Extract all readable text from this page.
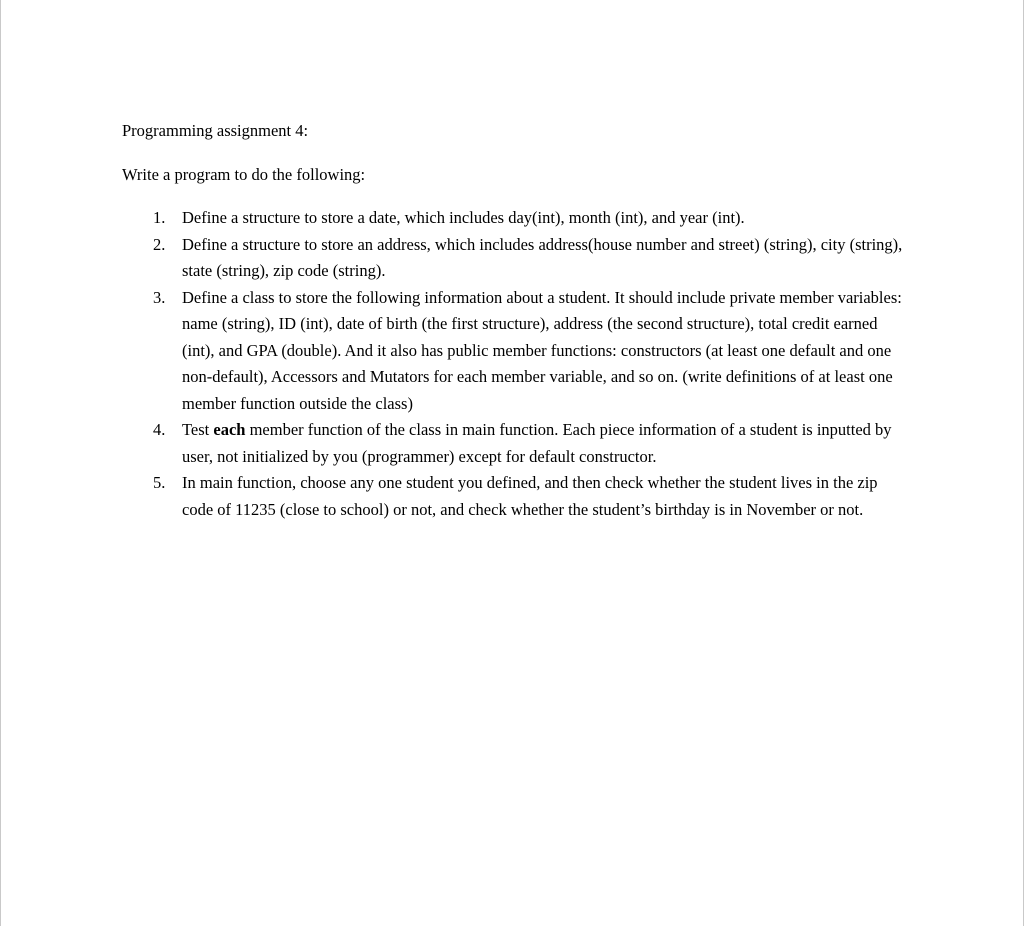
Programming assignment 4:

Write a program to do the following:

1. Define a structure to store a date, which includes day(int), month (int), and year (int).
2. Define a structure to store an address, which includes address(house number and street) (string), city (string), state (string), zip code (string).
3. Define a class to store the following information about a student. It should include private member variables: name (string), ID (int), date of birth (the first structure), address (the second structure), total credit earned (int), and GPA (double). And it also has public member functions: constructors (at least one default and one non-default), Accessors and Mutators for each member variable, and so on. (write definitions of at least one member function outside the class)
4. Test each member function of the class in main function. Each piece information of a student is inputted by user, not initialized by you (programmer) except for default constructor.
5. In main function, choose any one student you defined, and then check whether the student lives in the zip code of 11235 (close to school) or not, and check whether the student’s birthday is in November or not.
